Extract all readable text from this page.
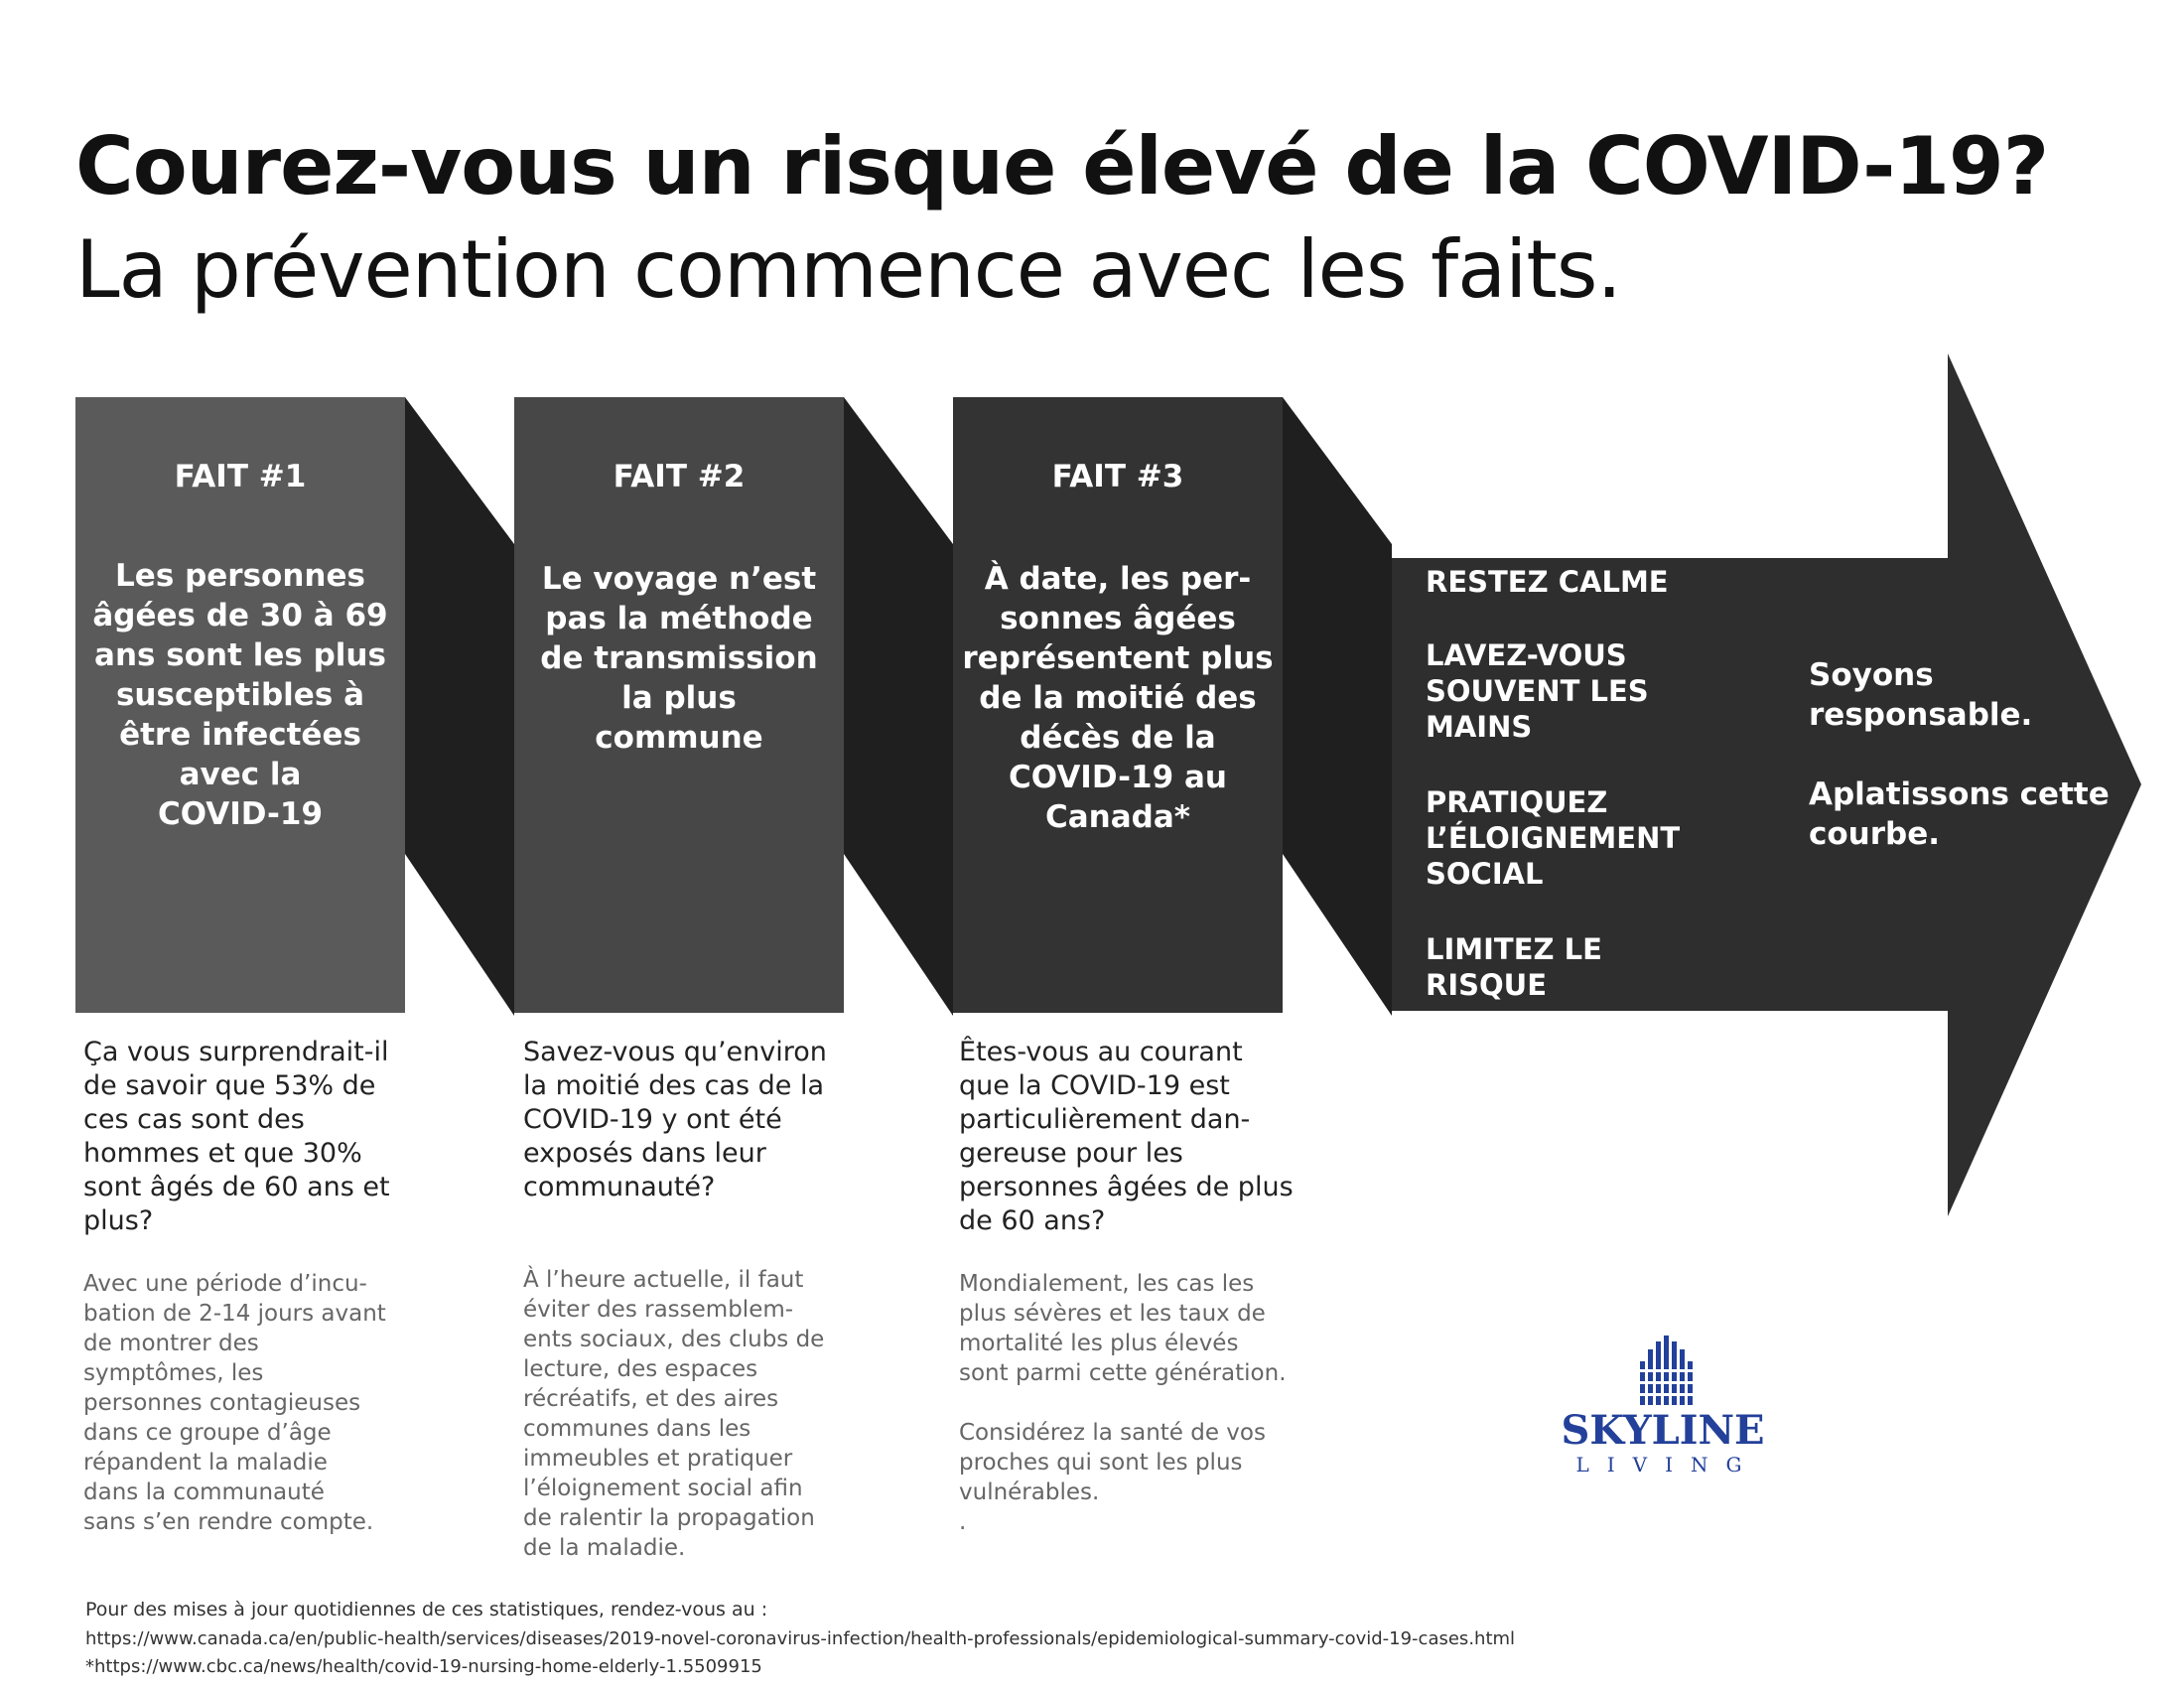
Courez-vous un risque élevé de la COVID-19?
La prévention commence avec les faits.
FAIT #1
Les personnes
âgées de 30 à 69
ans sont les plus
susceptibles à
être infectées
avec la
COVID-19
FAIT #2
Le voyage n’est
pas la méthode
de transmission
la plus
commune
FAIT #3
À date, les per-
sonnes âgées
représentent plus
de la moitié des
décès de la
COVID-19 au
Canada*
RESTEZ CALME
LAVEZ-VOUS
SOUVENT LES
MAINS
PRATIQUEZ
L’ÉLOIGNEMENT
SOCIAL
LIMITEZ LE
RISQUE
Soyons
responsable.
Aplatissons cette
courbe.
Ça vous surprendrait-il
de savoir que 53% de
ces cas sont des
hommes et que 30%
sont âgés de 60 ans et
plus?
Savez-vous qu’environ
la moitié des cas de la
COVID-19 y ont été
exposés dans leur
communauté?
Êtes-vous au courant
que la COVID-19 est
particulièrement dan-
gereuse pour les
personnes âgées de plus
de 60 ans?
Avec une période d’incu-
bation de 2-14 jours avant
de montrer des
symptômes, les
personnes contagieuses
dans ce groupe d’âge
répandent la maladie
dans la communauté
sans s’en rendre compte.
À l’heure actuelle, il faut
éviter des rassemblem-
ents sociaux, des clubs de
lecture, des espaces
récréatifs, et des aires
communes dans les
immeubles et pratiquer
l’éloignement social afin
de ralentir la propagation
de la maladie.
Mondialement, les cas les
plus sévères et les taux de
mortalité les plus élevés
sont parmi cette génération.
Considérez la santé de vos
proches qui sont les plus
vulnérables.
.
SKYLINE
LIVING
Pour des mises à jour quotidiennes de ces statistiques, rendez-vous au :
https://www.canada.ca/en/public-health/services/diseases/2019-novel-coronavirus-infection/health-professionals/epidemiological-summary-covid-19-cases.html
*https://www.cbc.ca/news/health/covid-19-nursing-home-elderly-1.5509915
